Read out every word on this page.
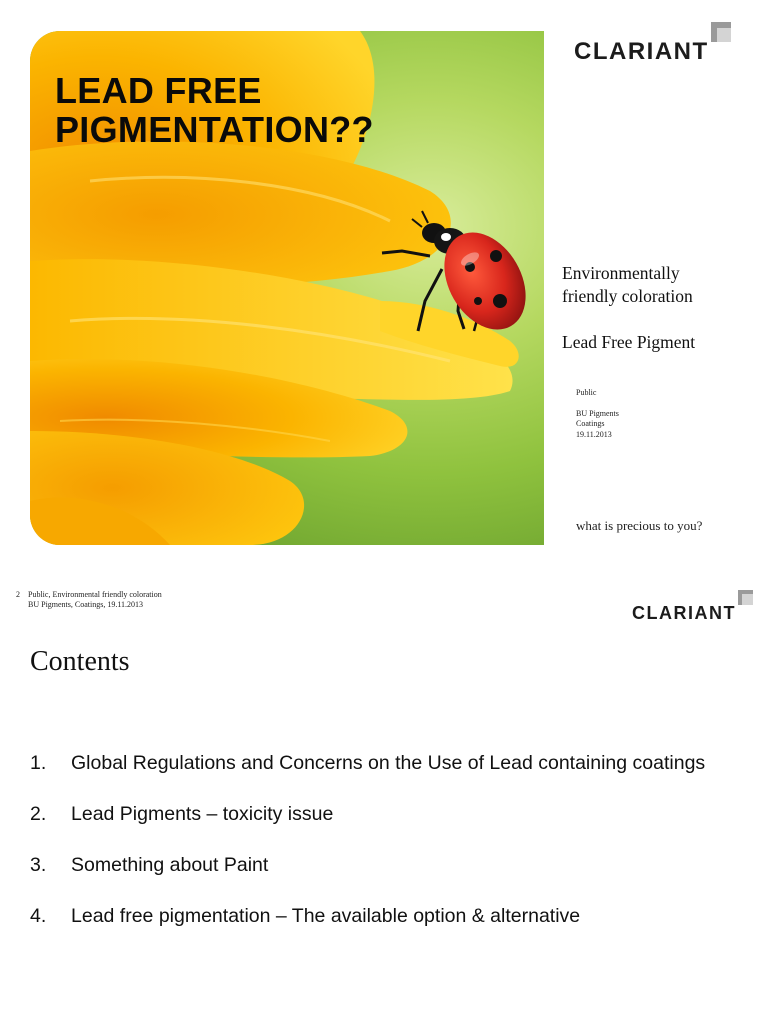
LEAD FREE
PIGMENTATION??
CLARIANT
Environmentally
friendly coloration
Lead Free Pigment
Public
BU Pigments
Coatings
19.11.2013
what is precious to you?
2 Public, Environmental friendly coloration
BU Pigments, Coatings, 19.11.2013	CLARIANT
Contents
1.	Global Regulations and Concerns on the Use of Lead containing coatings
2.	Lead Pigments – toxicity issue
3.	Something about Paint
4.	Lead free pigmentation – The available option & alternative
